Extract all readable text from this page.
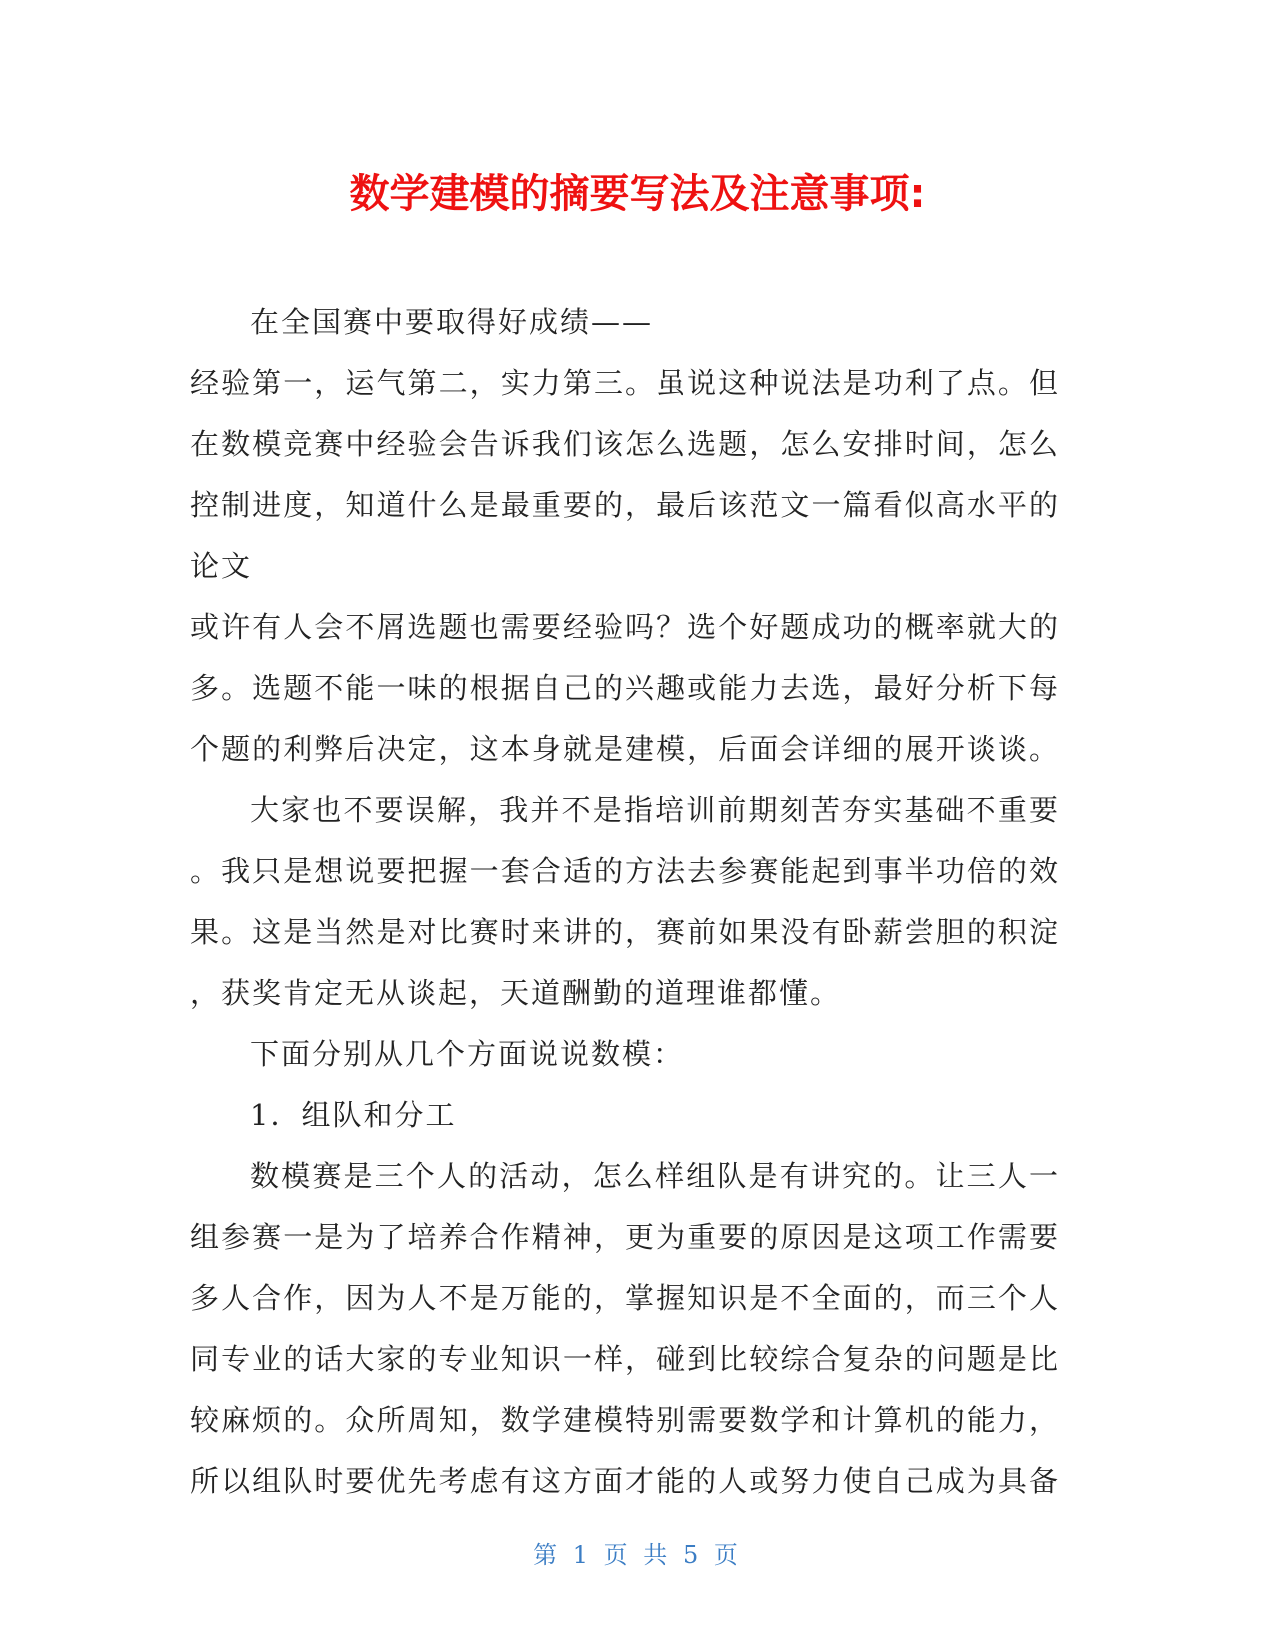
数学建模的摘要写法及注意事项:
在全国赛中要取得好成绩——
经验第一，运气第二，实力第三。虽说这种说法是功利了点。但
在数模竞赛中经验会告诉我们该怎么选题，怎么安排时间，怎么
控制进度，知道什么是最重要的，最后该范文一篇看似高水平的
论文
或许有人会不屑选题也需要经验吗？选个好题成功的概率就大的
多。选题不能一味的根据自己的兴趣或能力去选，最好分析下每
个题的利弊后决定，这本身就是建模，后面会详细的展开谈谈。
大家也不要误解，我并不是指培训前期刻苦夯实基础不重要
。我只是想说要把握一套合适的方法去参赛能起到事半功倍的效
果。这是当然是对比赛时来讲的，赛前如果没有卧薪尝胆的积淀
，获奖肯定无从谈起，天道酬勤的道理谁都懂。
下面分别从几个方面说说数模：
1．组队和分工
数模赛是三个人的活动，怎么样组队是有讲究的。让三人一
组参赛一是为了培养合作精神，更为重要的原因是这项工作需要
多人合作，因为人不是万能的，掌握知识是不全面的，而三个人
同专业的话大家的专业知识一样，碰到比较综合复杂的问题是比
较麻烦的。众所周知，数学建模特别需要数学和计算机的能力，
所以组队时要优先考虑有这方面才能的人或努力使自己成为具备
第 1 页 共 5 页
